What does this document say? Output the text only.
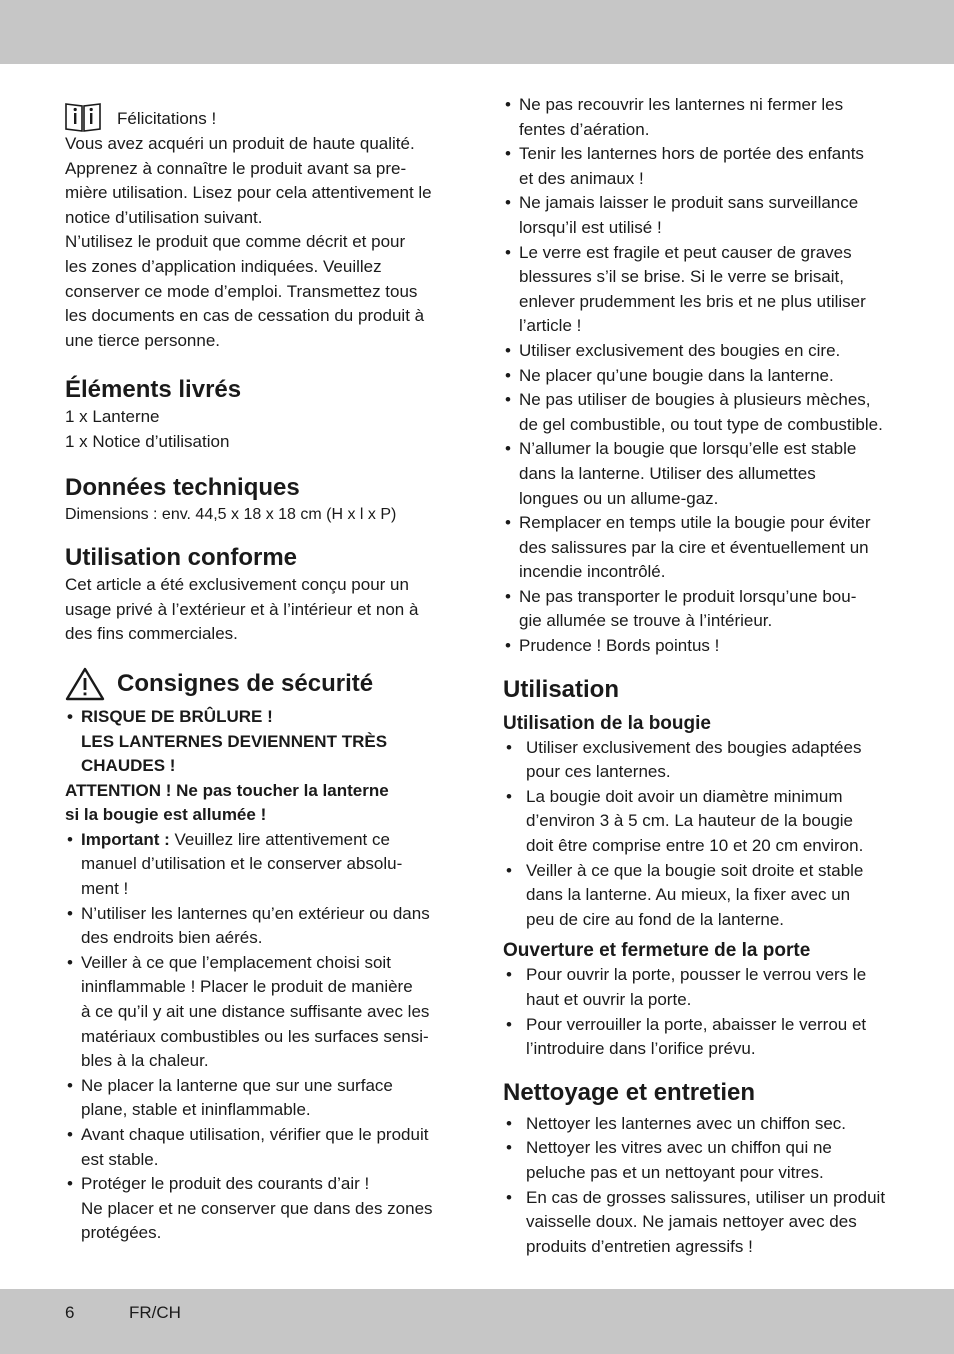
Félicitations !

Vous avez acquéri un produit de haute qualité.

Apprenez à connaître le produit avant sa pre-

mière utilisation. Lisez pour cela attentivement le

notice d’utilisation suivant.

N’utilisez le produit que comme décrit et pour

les zones d’application indiquées. Veuillez

conserver ce mode d’emploi. Transmettez tous

les documents en cas de cessation du produit à

une tierce personne.

Éléments livrés

1 x Lanterne

1 x Notice d’utilisation

Données techniques

Dimensions : env. 44,5 x 18 x 18 cm (H x l x P)

Utilisation conforme

Cet article a été exclusivement conçu pour un

usage privé à l’extérieur et à l’intérieur et non à

des fins commerciales.

Consignes de sécurité
• RISQUE DE BRÛLURE !
LES LANTERNES DEVIENNENT TRÈS
CHAUDES !

ATTENTION ! Ne pas toucher la lanterne

si la bougie est allumée !

• Important : Veuillez lire attentivement ce
manuel d’utilisation et le conserver absolu-
ment !
• N’utiliser les lanternes qu’en extérieur ou dans
des endroits bien aérés.
• Veiller à ce que l’emplacement choisi soit
ininflammable ! Placer le produit de manière
à ce qu’il y ait une distance suffisante avec les
matériaux combustibles ou les surfaces sensi-
bles à la chaleur.
• Ne placer la lanterne que sur une surface
plane, stable et ininflammable.
• Avant chaque utilisation, vérifier que le produit
est stable.
• Protéger le produit des courants d’air !
Ne placer et ne conserver que dans des zones
protégées.
• Ne pas recouvrir les lanternes ni fermer les
fentes d’aération.
• Tenir les lanternes hors de portée des enfants
et des animaux !
• Ne jamais laisser le produit sans surveillance
lorsqu’il est utilisé !
• Le verre est fragile et peut causer de graves
blessures s’il se brise. Si le verre se brisait,
enlever prudemment les bris et ne plus utiliser
l’article !
• Utiliser exclusivement des bougies en cire.
• Ne placer qu’une bougie dans la lanterne.
• Ne pas utiliser de bougies à plusieurs mèches,
de gel combustible, ou tout type de combustible.
• N’allumer la bougie que lorsqu’elle est stable
dans la lanterne. Utiliser des allumettes
longues ou un allume-gaz.
• Remplacer en temps utile la bougie pour éviter
des salissures par la cire et éventuellement un
incendie incontrôlé.
• Ne pas transporter le produit lorsqu’une bou-
gie allumée se trouve à l’intérieur.
• Prudence ! Bords pointus !
Utilisation
Utilisation de la bougie
• Utiliser exclusivement des bougies adaptées
pour ces lanternes.
• La bougie doit avoir un diamètre minimum
d’environ 3 à 5 cm. La hauteur de la bougie
doit être comprise entre 10 et 20 cm environ.
• Veiller à ce que la bougie soit droite et stable
dans la lanterne. Au mieux, la fixer avec un
peu de cire au fond de la lanterne.
Ouverture et fermeture de la porte
• Pour ouvrir la porte, pousser le verrou vers le
haut et ouvrir la porte.
• Pour verrouiller la porte, abaisser le verrou et
l’introduire dans l’orifice prévu.
Nettoyage et entretien
• Nettoyer les lanternes avec un chiffon sec.
• Nettoyer les vitres avec un chiffon qui ne
peluche pas et un nettoyant pour vitres.
• En cas de grosses salissures, utiliser un produit
vaisselle doux. Ne jamais nettoyer avec des
produits d’entretien agressifs !
6	FR/CH
